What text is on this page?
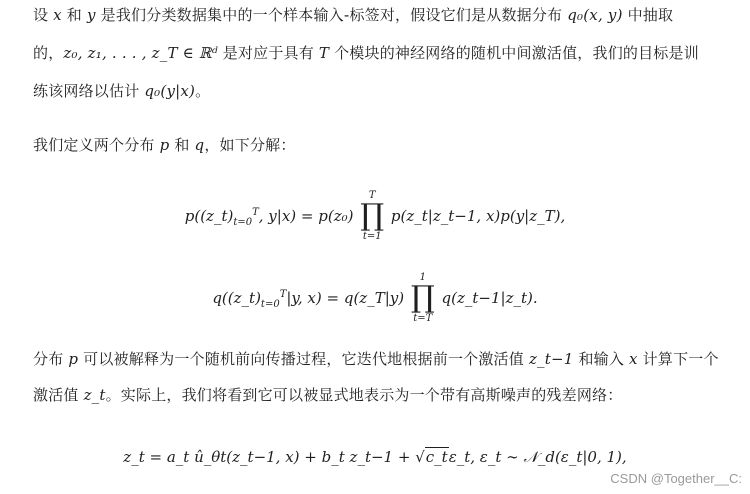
设 x 和 y 是我们分类数据集中的一个样本输入-标签对，假设它们是从数据分布 q₀(x, y) 中抽取
的，z₀, z₁, . . . , z_T ∈ ℝᵈ 是对应于具有 T 个模块的神经网络的随机中间激活值，我们的目标是训
练该网络以估计 q₀(y|x)。
我们定义两个分布 p 和 q，如下分解：
$p((z\_t)_{t=0}^T$, y|x) = p(z₀)
T
∏
t=1
p(z_t|z_t−1, x)p(y|z_T),
$q((z\_t)_{t=0}^T|y$, x) = q(z_T|y)
1
∏
t=T
q(z_t−1|z_t).
分布 p 可以被解释为一个随机前向传播过程，它迭代地根据前一个激活值 z_t−1 和输入 x 计算下一个
激活值 z_t。实际上，我们将看到它可以被显式地表示为一个带有高斯噪声的残差网络：
z_t = a_t û_θt(z_t−1, x) + b_t z_t−1 + √c_tε_t, ε_t ∼ 𝒩_d(ε_t|0, 1),
CSDN @Together__C:
